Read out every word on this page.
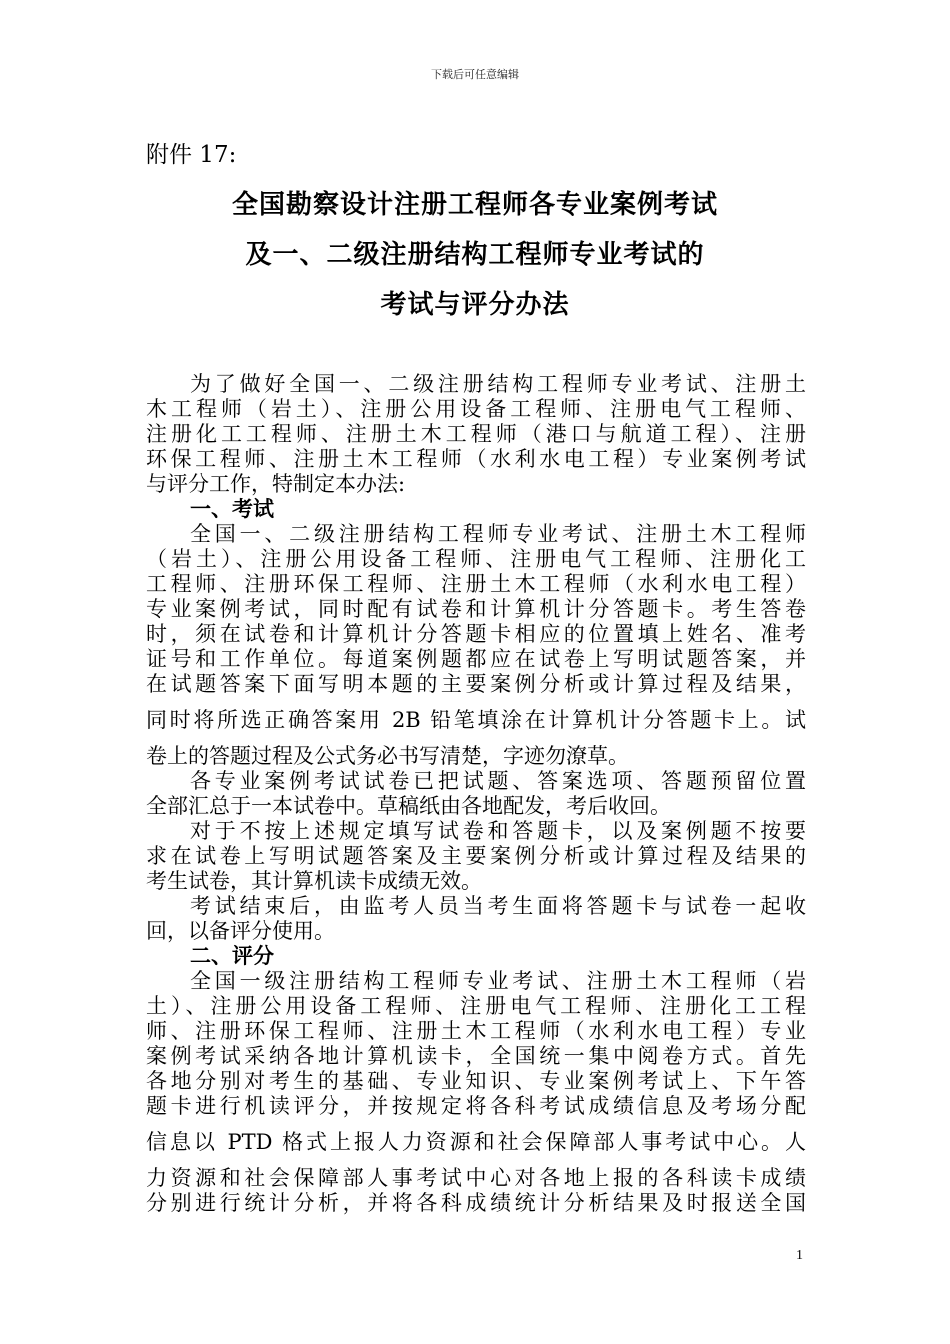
下载后可任意编辑
附件 17:
全国勘察设计注册工程师各专业案例考试
及一、二级注册结构工程师专业考试的
考试与评分办法
为了做好全国一、二级注册结构工程师专业考试、注册土
木工程师（岩土）、注册公用设备工程师、注册电气工程师、
注册化工工程师、注册土木工程师（港口与航道工程）、注册
环保工程师、注册土木工程师（水利水电工程）专业案例考试
与评分工作，特制定本办法:
一、考试
全国一、二级注册结构工程师专业考试、注册土木工程师
（岩土）、注册公用设备工程师、注册电气工程师、注册化工
工程师、注册环保工程师、注册土木工程师（水利水电工程）
专业案例考试，同时配有试卷和计算机计分答题卡。考生答卷
时，须在试卷和计算机计分答题卡相应的位置填上姓名、准考
证号和工作单位。每道案例题都应在试卷上写明试题答案，并
在试题答案下面写明本题的主要案例分析或计算过程及结果，
同时将所选正确答案用 2B 铅笔填涂在计算机计分答题卡上。试
卷上的答题过程及公式务必书写清楚，字迹勿潦草。
各专业案例考试试卷已把试题、答案选项、答题预留位置
全部汇总于一本试卷中。草稿纸由各地配发，考后收回。
对于不按上述规定填写试卷和答题卡，以及案例题不按要
求在试卷上写明试题答案及主要案例分析或计算过程及结果的
考生试卷，其计算机读卡成绩无效。
考试结束后，由监考人员当考生面将答题卡与试卷一起收
回，以备评分使用。
二、评分
全国一级注册结构工程师专业考试、注册土木工程师（岩
土）、注册公用设备工程师、注册电气工程师、注册化工工程
师、注册环保工程师、注册土木工程师（水利水电工程）专业
案例考试采纳各地计算机读卡，全国统一集中阅卷方式。首先
各地分别对考生的基础、专业知识、专业案例考试上、下午答
题卡进行机读评分，并按规定将各科考试成绩信息及考场分配
信息以 PTD 格式上报人力资源和社会保障部人事考试中心。人
力资源和社会保障部人事考试中心对各地上报的各科读卡成绩
分别进行统计分析，并将各科成绩统计分析结果及时报送全国
1
